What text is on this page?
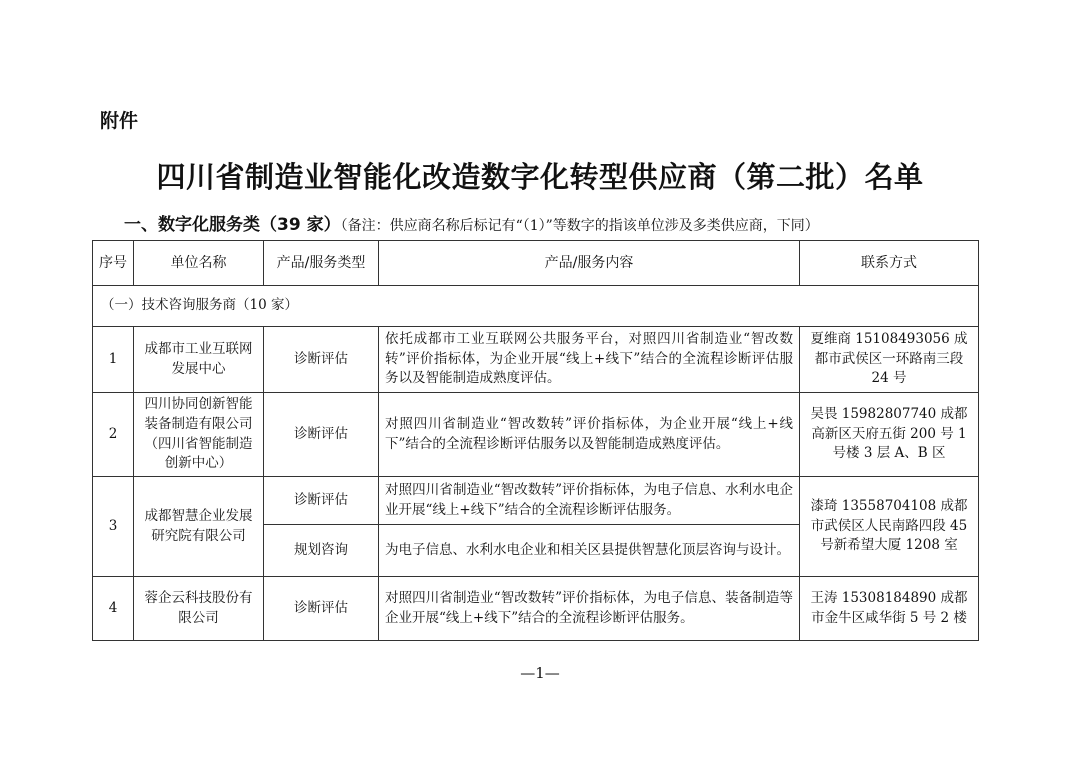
附件
四川省制造业智能化改造数字化转型供应商（第二批）名单
一、数字化服务类（39 家）（备注：供应商名称后标记有“（1）”等数字的指该单位涉及多类供应商，下同）
序号	单位名称	产品/服务类型	产品/服务内容	联系方式
（一）技术咨询服务商（10 家）				
1	成都市工业互联网发展中心	诊断评估	依托成都市工业互联网公共服务平台，对照四川省制造业“智改数转”评价指标体，为企业开展“线上+线下”结合的全流程诊断评估服务以及智能制造成熟度评估。	夏维商 15108493056 成都市武侯区一环路南三段 24 号
2	四川协同创新智能装备制造有限公司（四川省智能制造创新中心）	诊断评估	对照四川省制造业“智改数转”评价指标体，为企业开展“线上+线下”结合的全流程诊断评估服务以及智能制造成熟度评估。	吴畏 15982807740 成都高新区天府五街 200 号 1 号楼 3 层 A、B 区
3	成都智慧企业发展研究院有限公司	诊断评估	对照四川省制造业“智改数转”评价指标体，为电子信息、水利水电企业开展“线上+线下”结合的全流程诊断评估服务。	漆琦 13558704108 成都市武侯区人民南路四段 45 号新希望大厦 1208 室
		规划咨询	为电子信息、水利水电企业和相关区县提供智慧化顶层咨询与设计。	
4	蓉企云科技股份有限公司	诊断评估	对照四川省制造业“智改数转”评价指标体，为电子信息、装备制造等企业开展“线上+线下”结合的全流程诊断评估服务。	王涛 15308184890 成都市金牛区咸华街 5 号 2 楼
—1—
